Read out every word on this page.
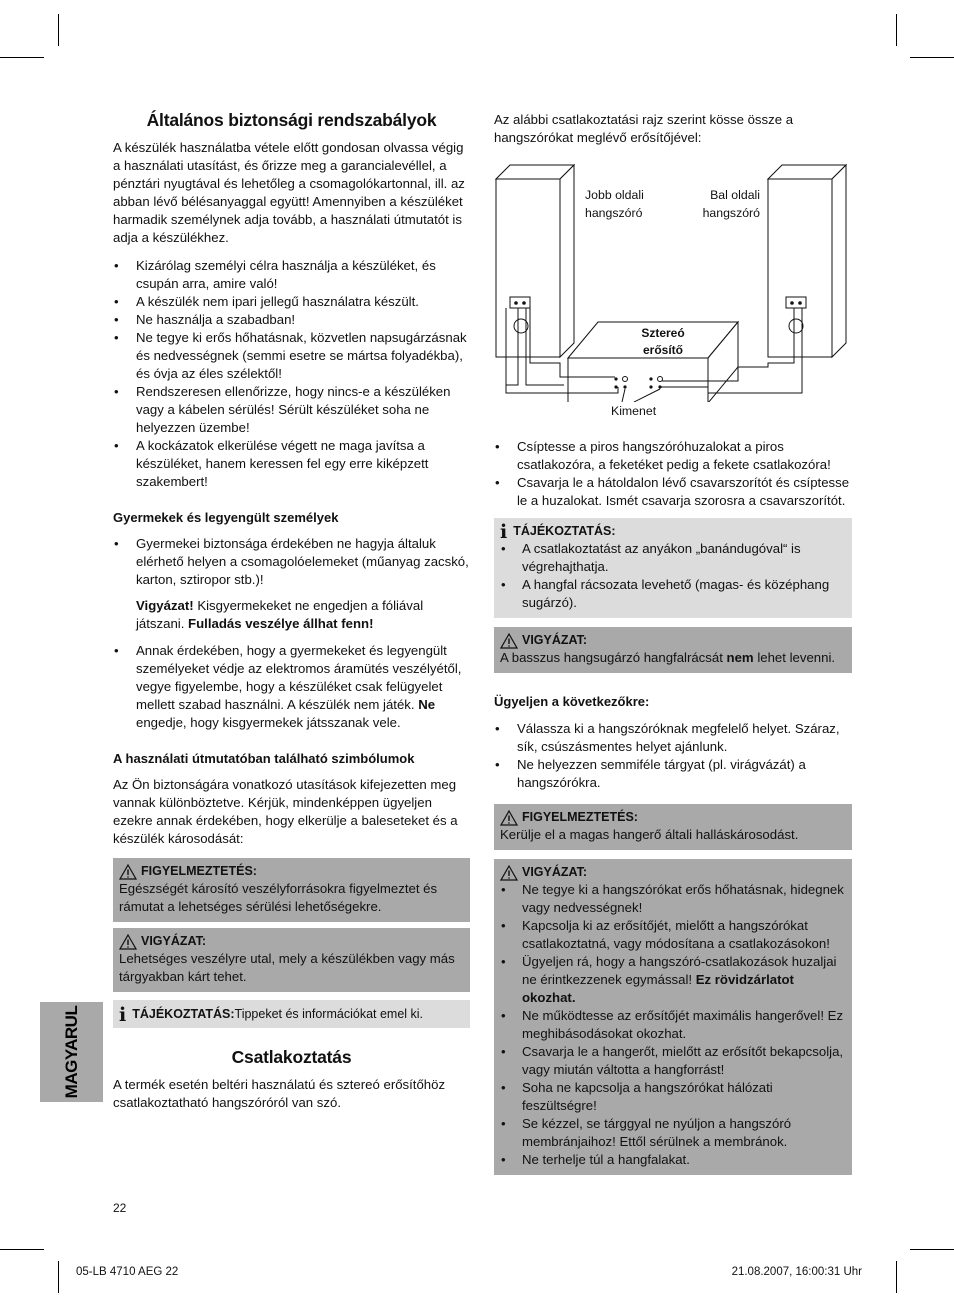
MAGYARUL
Általános biztonsági rendszabályok

A készülék használatba vétele előtt gondosan olvassa végig a használati utasítást, és őrizze meg a garancialevéllel, a pénztári nyugtával és lehetőleg a csomagolókartonnal, ill. az abban lévő bélésanyaggal együtt! Amennyiben a készüléket harmadik személynek adja tovább, a használati útmutatót is adja a készülékhez.

• Kizárólag személyi célra használja a készüléket, és csupán arra, amire való!
• A készülék nem ipari jellegű használatra készült.
• Ne használja a szabadban!
• Ne tegye ki erős hőhatásnak, közvetlen napsugárzásnak és nedvességnek (semmi esetre se mártsa folyadékba), és óvja az éles szélektől!
• Rendszeresen ellenőrizze, hogy nincs-e a készüléken vagy a kábelen sérülés! Sérült készüléket soha ne helyezzen üzembe!
• A kockázatok elkerülése végett ne maga javítsa a készüléket, hanem keressen fel egy erre kiképzett szakembert!
Gyermekek és legyengült személyek
• Gyermekei biztonsága érdekében ne hagyja általuk elérhető helyen a csomagolóelemeket (műanyag zacskó, karton, sztiropor stb.)!

Vigyázat! Kisgyermekeket ne engedjen a fóliával játszani. Fulladás veszélye állhat fenn!

• Annak érdekében, hogy a gyermekeket és legyengült személyeket védje az elektromos áramütés veszélyétől, vegye figyelembe, hogy a készüléket csak felügyelet mellett szabad használni. A készülék nem játék. Ne engedje, hogy kisgyermekek játsszanak vele.
A használati útmutatóban található szimbólumok

Az Ön biztonságára vonatkozó utasítások kifejezetten meg vannak különböztetve. Kérjük, mindenképpen ügyeljen ezekre annak érdekében, hogy elkerülje a baleseteket és a készülék károsodását:

FIGYELMEZTETÉS:
Egészségét károsító veszélyforrásokra figyelmeztet és rámutat a lehetséges sérülési lehetőségekre.
VIGYÁZAT:
Lehetséges veszélyre utal, mely a készülékben vagy más tárgyakban kárt tehet.
i TÁJÉKOZTATÁS: Tippeket és információkat emel ki.
Csatlakoztatás

A termék esetén beltéri használatú és sztereó erősítőhöz csatlakoztatható hangszóróról van szó.

Az alábbi csatlakoztatási rajz szerint kösse össze a hangszórókat meglévő erősítőjével:

Jobb oldali
hangszóró
Bal oldali
hangszóró
Sztereó
erősítő
Kimenet
• Csíptesse a piros hangszóróhuzalokat a piros csatlakozóra, a feketéket pedig a fekete csatlakozóra!
• Csavarja le a hátoldalon lévő csavarszorítót és csíptesse le a huzalokat. Ismét csavarja szorosra a csavarszorítót.
i TÁJÉKOZTATÁS:
• A csatlakoztatást az anyákon „banándugóval“ is végrehajthatja.
• A hangfal rácsozata levehető (magas- és középhang sugárzó).
VIGYÁZAT:
A basszus hangsugárzó hangfalrácsát nem lehet levenni.
Ügyeljen a következőkre:
• Válassza ki a hangszóróknak megfelelő helyet. Száraz, sík, csúszásmentes helyet ajánlunk.
• Ne helyezzen semmiféle tárgyat (pl. virágvázát) a hangszórókra.
FIGYELMEZTETÉS:
Kerülje el a magas hangerő általi halláskárosodást.
VIGYÁZAT:
• Ne tegye ki a hangszórókat erős hőhatásnak, hidegnek vagy nedvességnek!
• Kapcsolja ki az erősítőjét, mielőtt a hangszórókat csatlakoztatná, vagy módosítana a csatlakozásokon!
• Ügyeljen rá, hogy a hangszóró-csatlakozások huzaljai ne érintkezzenek egymással! Ez rövidzárlatot okozhat.
• Ne működtesse az erősítőjét maximális hangerővel! Ez meghibásodásokat okozhat.
• Csavarja le a hangerőt, mielőtt az erősítőt bekapcsolja, vagy miután váltotta a hangforrást!
• Soha ne kapcsolja a hangszórókat hálózati feszültségre!
• Se kézzel, se tárggyal ne nyúljon a hangszóró membránjaihoz! Ettől sérülnek a membránok.
• Ne terhelje túl a hangfalakat.
22
05-LB 4710 AEG 22	21.08.2007, 16:00:31 Uhr
